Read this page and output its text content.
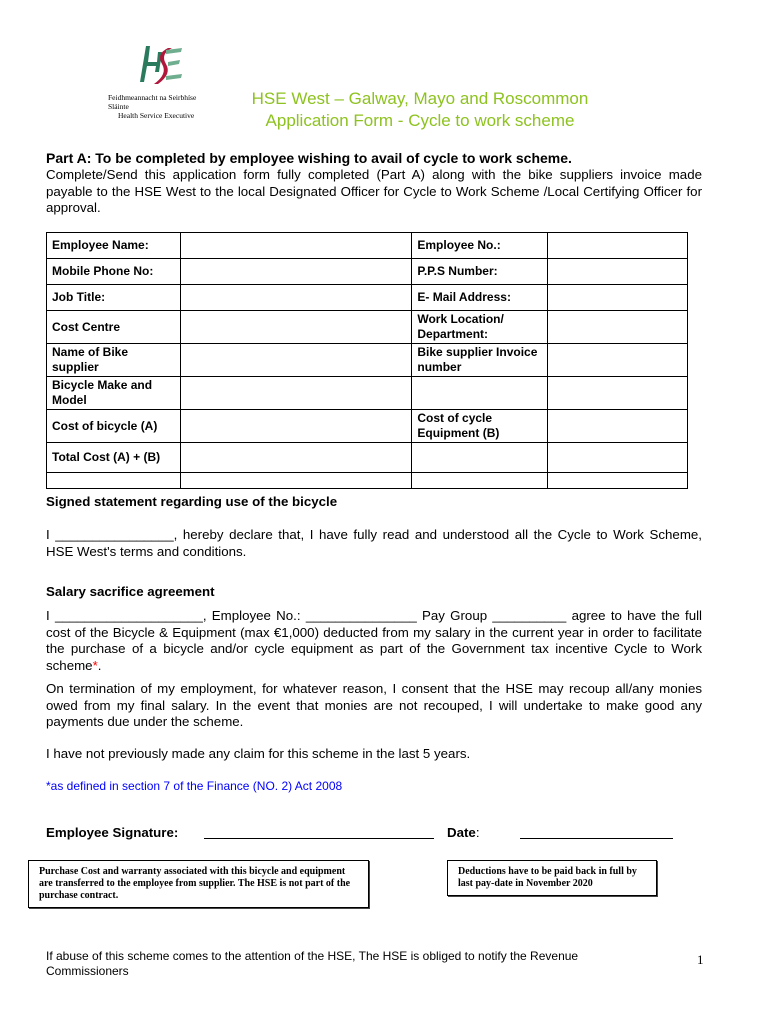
Feidhmeannacht na Seirbhíse Sláinte
Health Service Executive
HSE West – Galway, Mayo and Roscommon
Application Form - Cycle to work scheme
Part A: To be completed by employee wishing to avail of cycle to work scheme.
Complete/Send this application form fully completed (Part A) along with the bike suppliers invoice made payable to the HSE West to the local Designated Officer for Cycle to Work Scheme /Local Certifying Officer for approval.
Employee Name:		Employee No.:	
Mobile Phone No:		P.P.S Number:	
Job Title:		E- Mail Address:	
Cost Centre		Work Location/ Department:	
Name of Bike supplier		Bike supplier Invoice number	
Bicycle Make and Model			
Cost of bicycle (A)		Cost of cycle Equipment (B)	
Total Cost (A) + (B)			

Signed statement regarding use of the bicycle
I ________________, hereby declare that, I have fully read and understood all the Cycle to Work Scheme, HSE West's terms and conditions.
Salary sacrifice agreement
I ____________________, Employee No.: _______________ Pay Group __________ agree to have the full cost of the Bicycle & Equipment (max €1,000) deducted from my salary in the current year in order to facilitate the purchase of a bicycle and/or cycle equipment as part of the Government tax incentive Cycle to Work scheme*.
On termination of my employment, for whatever reason, I consent that the HSE may recoup all/any monies owed from my final salary. In the event that monies are not recouped, I will undertake to make good any payments due under the scheme.
I have not previously made any claim for this scheme in the last 5 years.
*as defined in section 7 of the Finance (NO. 2) Act 2008
Employee Signature:	Date:
Purchase Cost and warranty associated with this bicycle and equipment are transferred to the employee from supplier. The HSE is not part of the purchase contract.
Deductions have to be paid back in full by last pay-date in November 2020
If abuse of this scheme comes to the attention of the HSE, The HSE is obliged to notify the Revenue Commissioners
1
